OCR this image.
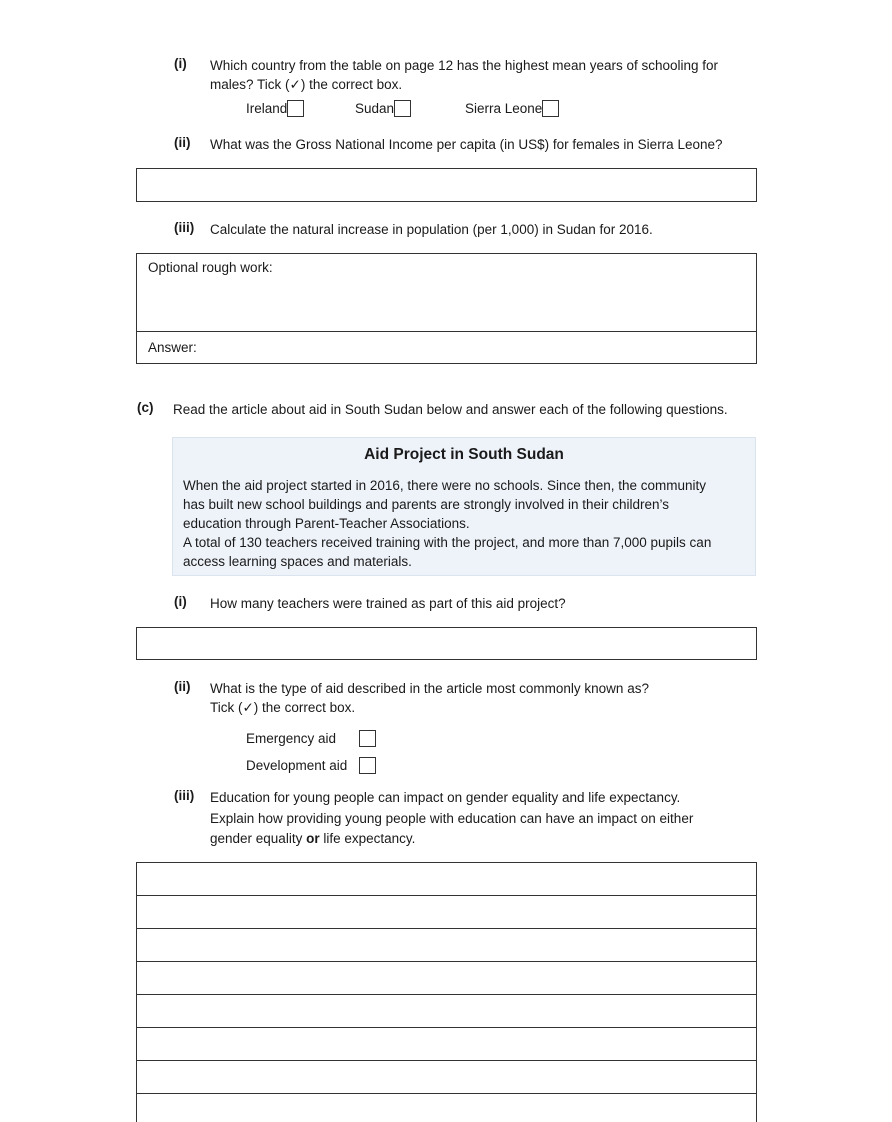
(i) Which country from the table on page 12 has the highest mean years of schooling for
males? Tick (✓) the correct box.
Ireland	Sudan	Sierra Leone
(ii) What was the Gross National Income per capita (in US$) for females in Sierra Leone?
(iii) Calculate the natural increase in population (per 1,000) in Sudan for 2016.
Optional rough work:
Answer:
(c) Read the article about aid in South Sudan below and answer each of the following questions.
Aid Project in South Sudan

When the aid project started in 2016, there were no schools. Since then, the community

has built new school buildings and parents are strongly involved in their children’s

education through Parent-Teacher Associations.

A total of 130 teachers received training with the project, and more than 7,000 pupils can

access learning spaces and materials.

(i) How many teachers were trained as part of this aid project?
(ii) What is the type of aid described in the article most commonly known as?
Tick (✓) the correct box.
Emergency aid
Development aid
(iii) Education for young people can impact on gender equality and life expectancy.
Explain how providing young people with education can have an impact on either
gender equality or life expectancy.
